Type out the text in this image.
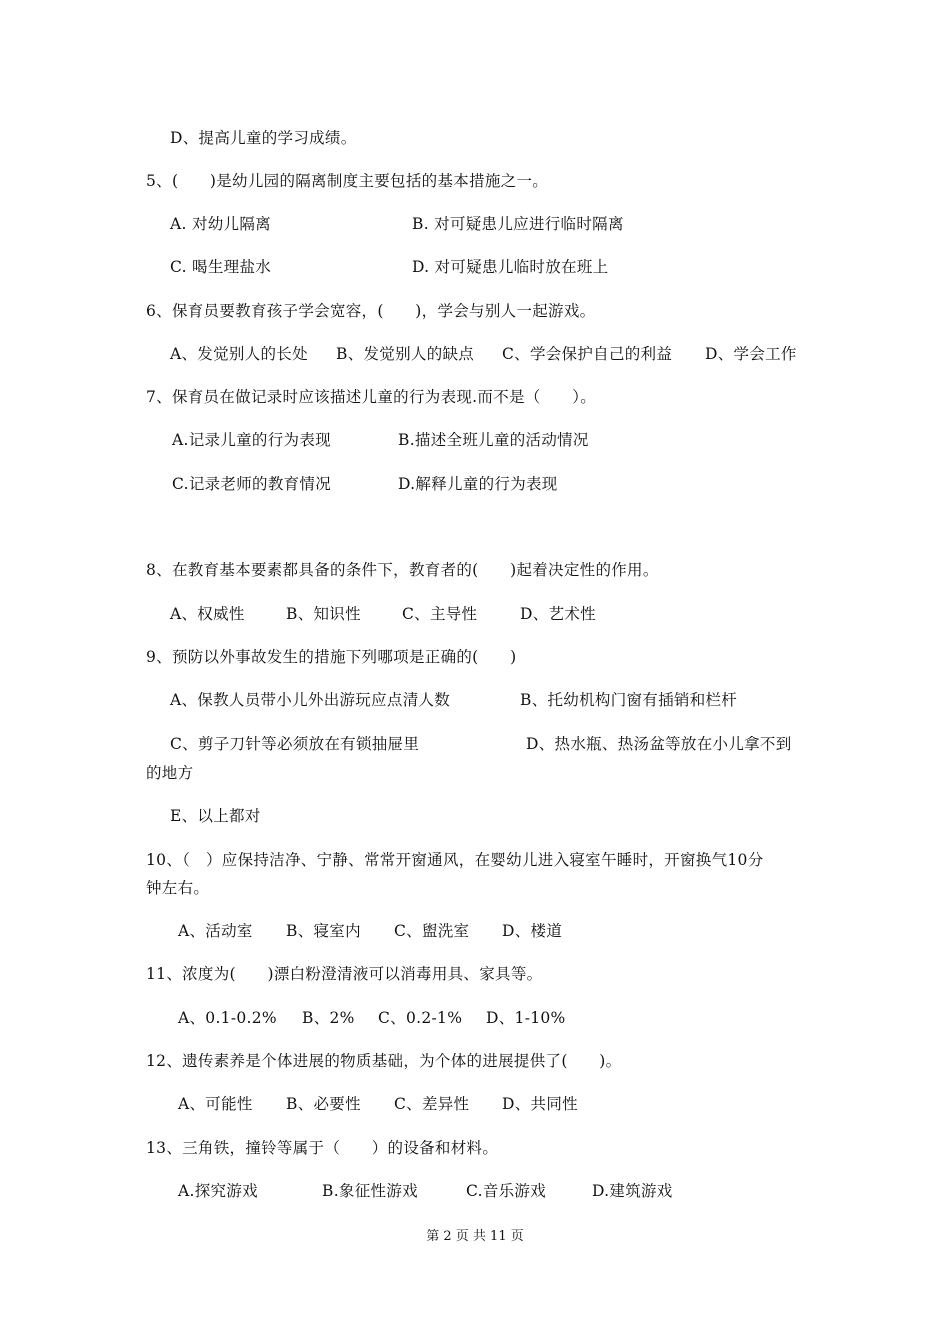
D、提高儿童的学习成绩。
5、(　　)是幼儿园的隔离制度主要包括的基本措施之一。
A. 对幼儿隔离	B. 对可疑患儿应进行临时隔离
C. 喝生理盐水	D. 对可疑患儿临时放在班上
6、保育员要教育孩子学会宽容，(　　)，学会与别人一起游戏。
A、发觉别人的长处 B、发觉别人的缺点 C、学会保护自己的利益 D、学会工作
7、保育员在做记录时应该描述儿童的行为表现.而不是（　　）。
A.记录儿童的行为表现	B.描述全班儿童的活动情况
C.记录老师的教育情况	D.解释儿童的行为表现
8、在教育基本要素都具备的条件下，教育者的(　　)起着决定性的作用。
A、权威性	B、知识性	C、主导性	D、艺术性
9、预防以外事故发生的措施下列哪项是正确的(　　)
A、保教人员带小儿外出游玩应点清人数	B、托幼机构门窗有插销和栏杆
C、剪子刀针等必须放在有锁抽屉里	D、热水瓶、热汤盆等放在小儿拿不到
的地方
E、以上都对
10、（　）应保持洁净、宁静、常常开窗通风，在婴幼儿进入寝室午睡时，开窗换气10分
钟左右。
A、活动室 B、寝室内 C、盥洗室 D、楼道
11、浓度为(　　)漂白粉澄清液可以消毒用具、家具等。
A、0.1-0.2% B、2% C、0.2-1% D、1-10%
12、遗传素养是个体进展的物质基础，为个体的进展提供了(　　)。
A、可能性 B、必要性 C、差异性 D、共同性
13、三角铁，撞铃等属于（　　）的设备和材料。
A.探究游戏	B.象征性游戏	C.音乐游戏	D.建筑游戏
第 2 页 共 11 页
